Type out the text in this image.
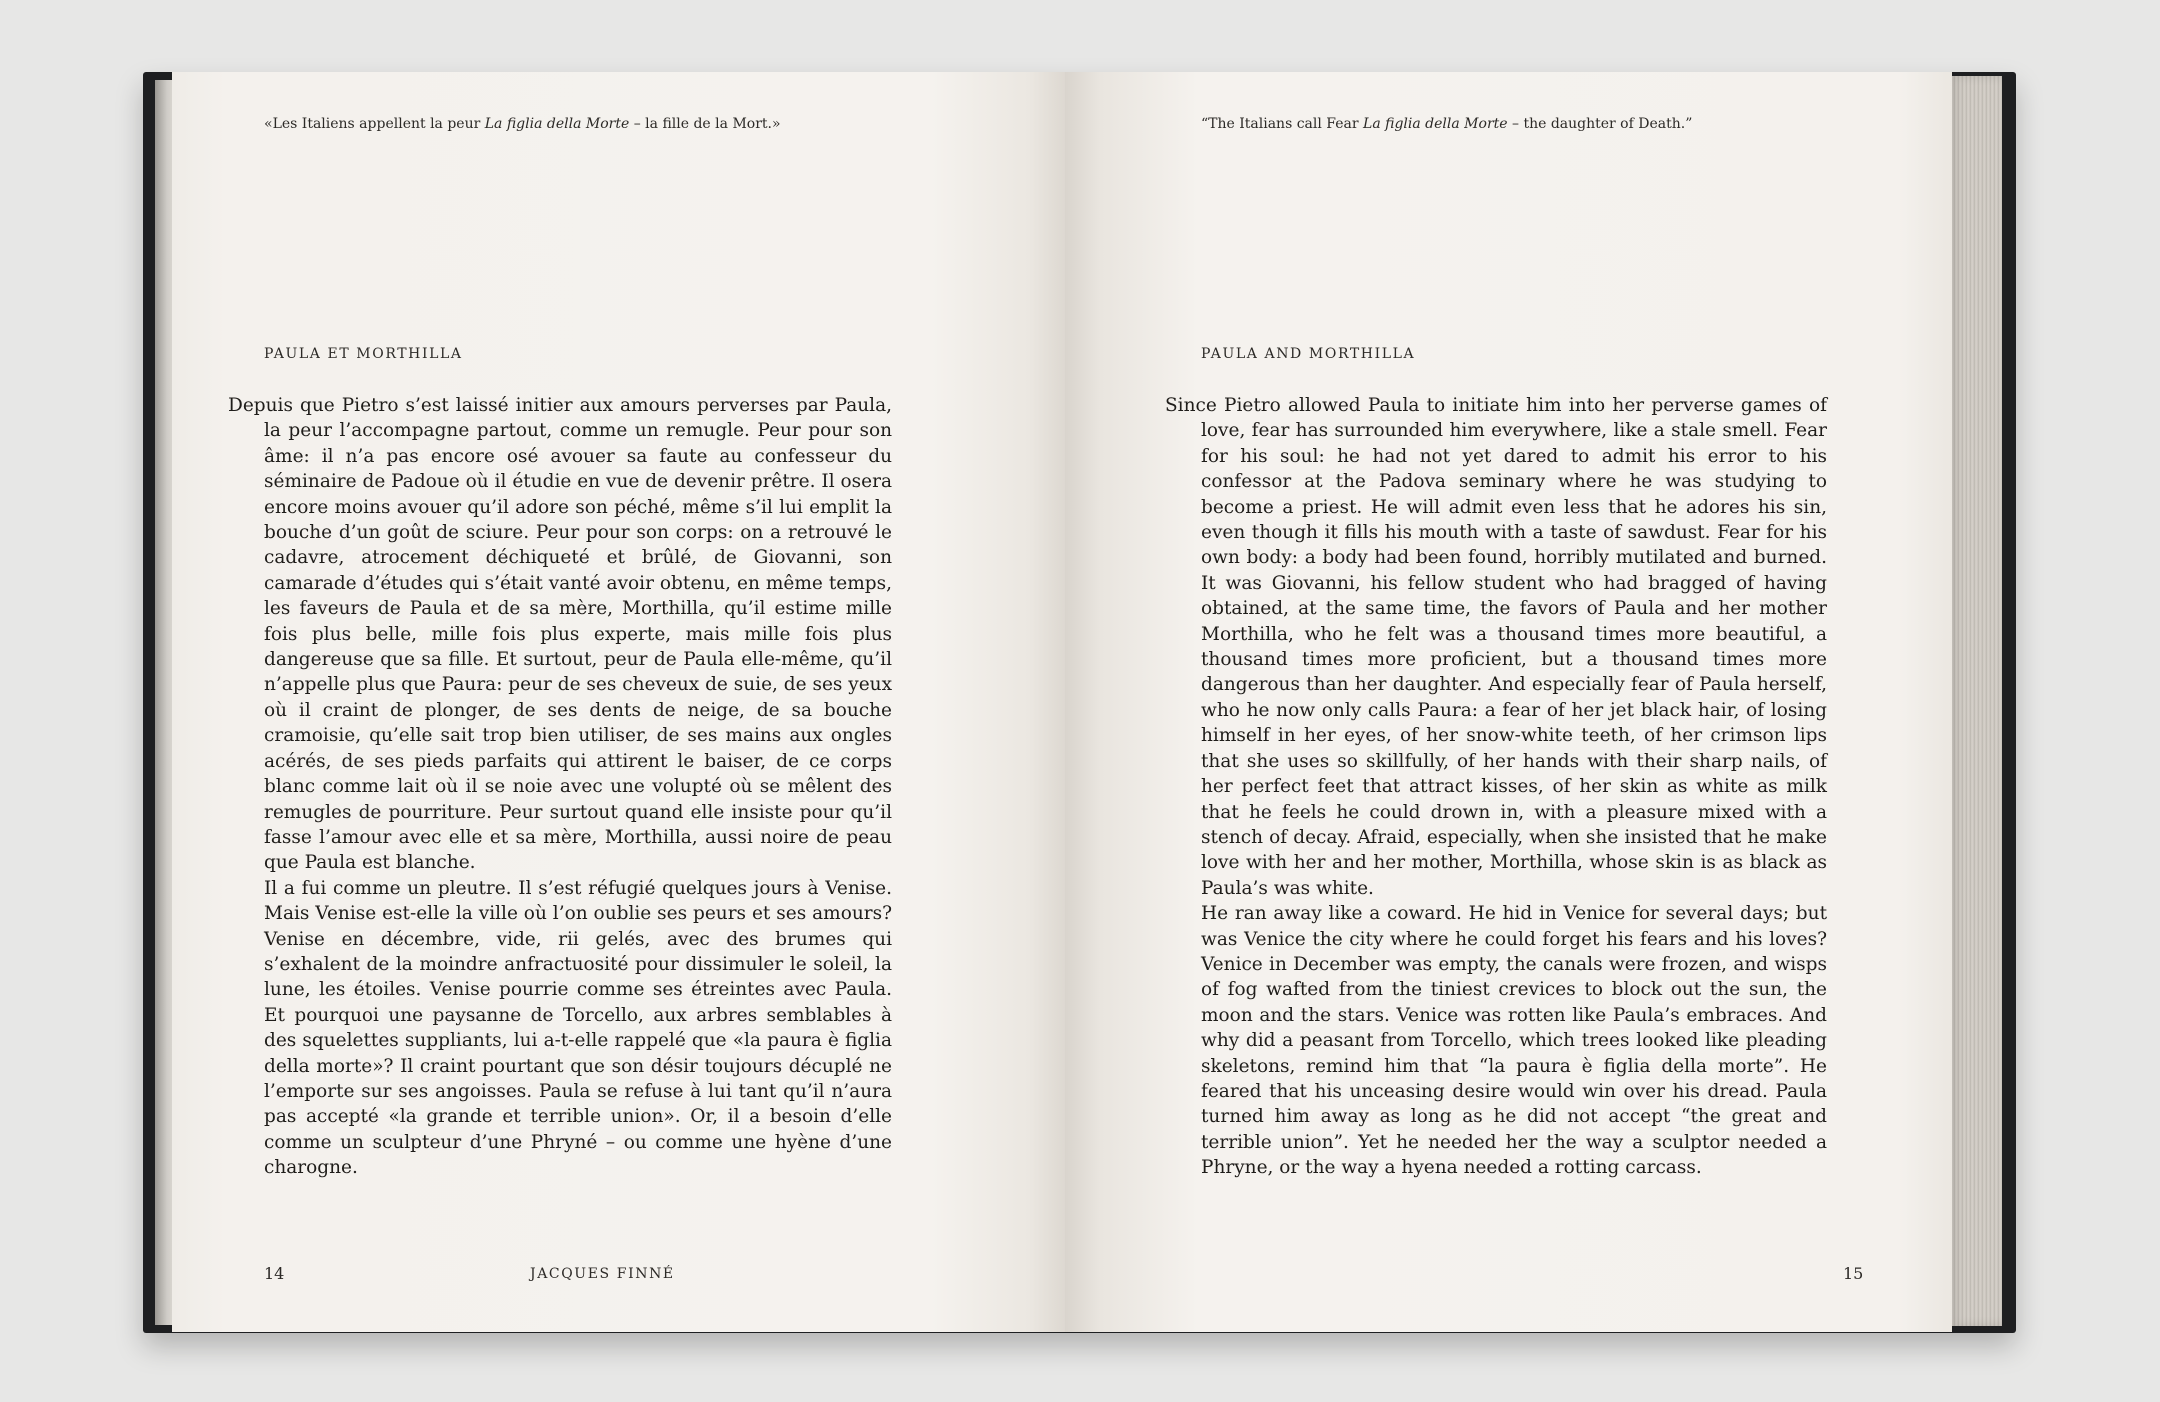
«Les Italiens appellent la peur La figlia della Morte – la fille de la Mort.»
PAULA ET MORTHILLA

Depuis que Pietro s’est laissé initier aux amours perverses par Paula, la peur l’accompagne partout, comme un remugle. Peur pour son âme: il n’a pas encore osé avouer sa faute au confesseur du séminaire de Padoue où il étudie en vue de devenir prêtre. Il osera encore moins avouer qu’il adore son péché, même s’il lui emplit la bouche d’un goût de sciure. Peur pour son corps: on a retrouvé le cadavre, atrocement déchiqueté et brûlé, de Giovanni, son camarade d’études qui s’était vanté avoir obtenu, en même temps, les faveurs de Paula et de sa mère, Morthilla, qu’il estime mille fois plus belle, mille fois plus experte, mais mille fois plus dangereuse que sa fille. Et surtout, peur de Paula elle-même, qu’il n’appelle plus que Paura: peur de ses cheveux de suie, de ses yeux où il craint de plonger, de ses dents de neige, de sa bouche cramoisie, qu’elle sait trop bien utiliser, de ses mains aux ongles acérés, de ses pieds parfaits qui attirent le baiser, de ce corps blanc comme lait où il se noie avec une volupté où se mêlent des remugles de pourriture. Peur surtout quand elle insiste pour qu’il fasse l’amour avec elle et sa mère, Morthilla, aussi noire de peau que Paula est blanche.

Il a fui comme un pleutre. Il s’est réfugié quelques jours à Venise. Mais Venise est-elle la ville où l’on oublie ses peurs et ses amours? Venise en décembre, vide, rii gelés, avec des brumes qui s’exhalent de la moindre anfractuosité pour dissimuler le soleil, la lune, les étoiles. Venise pourrie comme ses étreintes avec Paula. Et pourquoi une paysanne de Torcello, aux arbres semblables à des squelettes suppliants, lui a-t-elle rappelé que «la paura è figlia della morte»? Il craint pourtant que son désir toujours décuplé ne l’emporte sur ses angoisses. Paula se refuse à lui tant qu’il n’aura pas accepté «la grande et terrible union». Or, il a besoin d’elle comme un sculpteur d’une Phryné – ou comme une hyène d’une charogne.

14	JACQUES FINNÉ
“The Italians call Fear La figlia della Morte – the daughter of Death.”
PAULA AND MORTHILLA

Since Pietro allowed Paula to initiate him into her perverse games of love, fear has surrounded him everywhere, like a stale smell. Fear for his soul: he had not yet dared to admit his error to his confessor at the Padova seminary where he was studying to become a priest. He will admit even less that he adores his sin, even though it fills his mouth with a taste of sawdust. Fear for his own body: a body had been found, horribly mutilated and burned. It was Giovanni, his fellow student who had bragged of having obtained, at the same time, the favors of Paula and her mother Morthilla, who he felt was a thousand times more beautiful, a thousand times more proficient, but a thousand times more dangerous than her daughter. And especially fear of Paula herself, who he now only calls Paura: a fear of her jet black hair, of losing himself in her eyes, of her snow-white teeth, of her crimson lips that she uses so skillfully, of her hands with their sharp nails, of her perfect feet that attract kisses, of her skin as white as milk that he feels he could drown in, with a pleasure mixed with a stench of decay. Afraid, especially, when she insisted that he make love with her and her mother, Morthilla, whose skin is as black as Paula’s was white.

He ran away like a coward. He hid in Venice for several days; but was Venice the city where he could forget his fears and his loves? Venice in December was empty, the canals were frozen, and wisps of fog wafted from the tiniest crevices to block out the sun, the moon and the stars. Venice was rotten like Paula’s embraces. And why did a peasant from Torcello, which trees looked like pleading skeletons, remind him that “la paura è figlia della morte”. He feared that his unceasing desire would win over his dread. Paula turned him away as long as he did not accept “the great and terrible union”. Yet he needed her the way a sculptor needed a Phryne, or the way a hyena needed a rotting carcass.

15
